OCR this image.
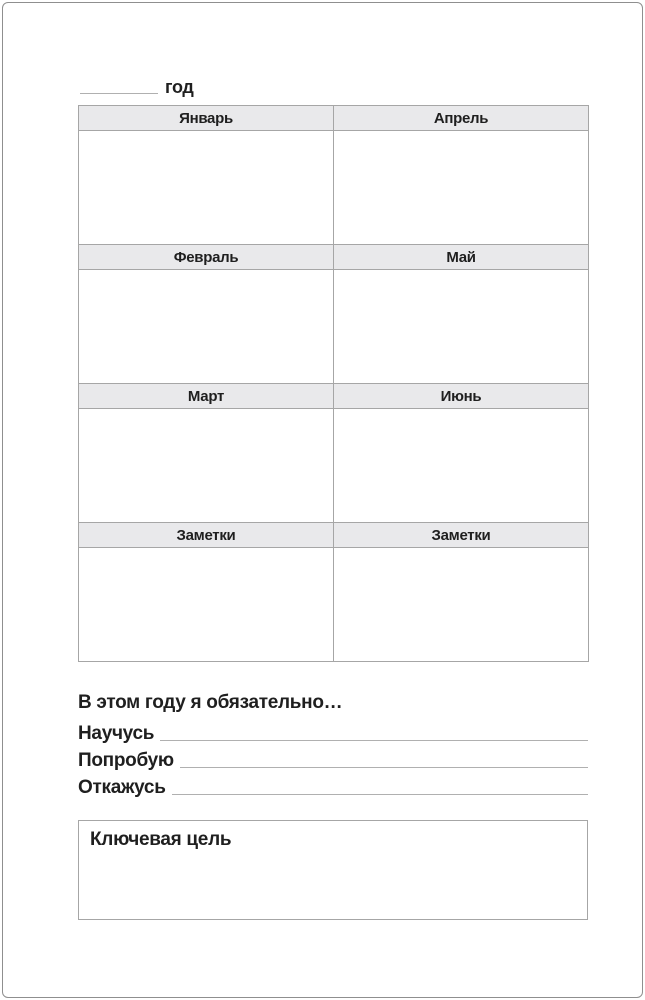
год
Январь	Апрель

Февраль	Май

Март	Июнь

Заметки	Заметки

В этом году я обязательно…
Научусь
Попробую
Откажусь
Ключевая цель
